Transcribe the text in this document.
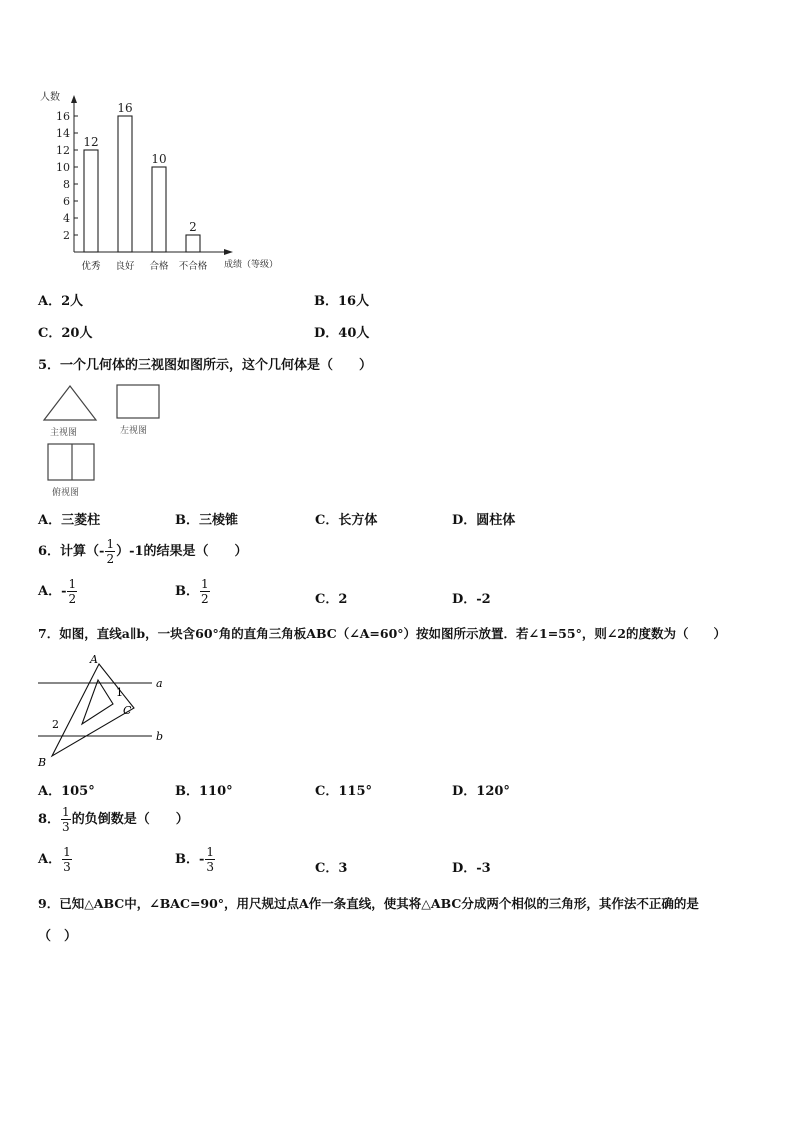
人数
2
4
6
8
10
12
14
16
12
优秀
16
良好
10
合格
2
不合格 成绩（等级）
A．2人	B．16人
C．20人	D．40人
5．一个几何体的三视图如图所示，这个几何体是（　　）
主视图	左视图
俯视图
A．三菱柱	B．三棱锥	C．长方体	D．圆柱体
6．计算（- $\frac{1}{2} )-1$的结果是（　　）
A．- $\frac{1}{2}$	B． $\frac{1}{2}$	C．2	D．-2
7．如图，直线a∥b，一块含60°角的直角三角板ABC（∠A=60°）按如图所示放置．若∠1=55°，则∠2的度数为（　　）
A
C
B
a
b
1
2
A．105°	B．110°	C．115°	D．120°
8． $\frac{1}{3}$ 的负倒数是（　　）
A． $\frac{1}{3}$	B．- $\frac{1}{3}$	C．3	D．-3
9．已知△ABC中，∠BAC=90°，用尺规过点A作一条直线，使其将△ABC分成两个相似的三角形，其作法不正确的是
（　）
